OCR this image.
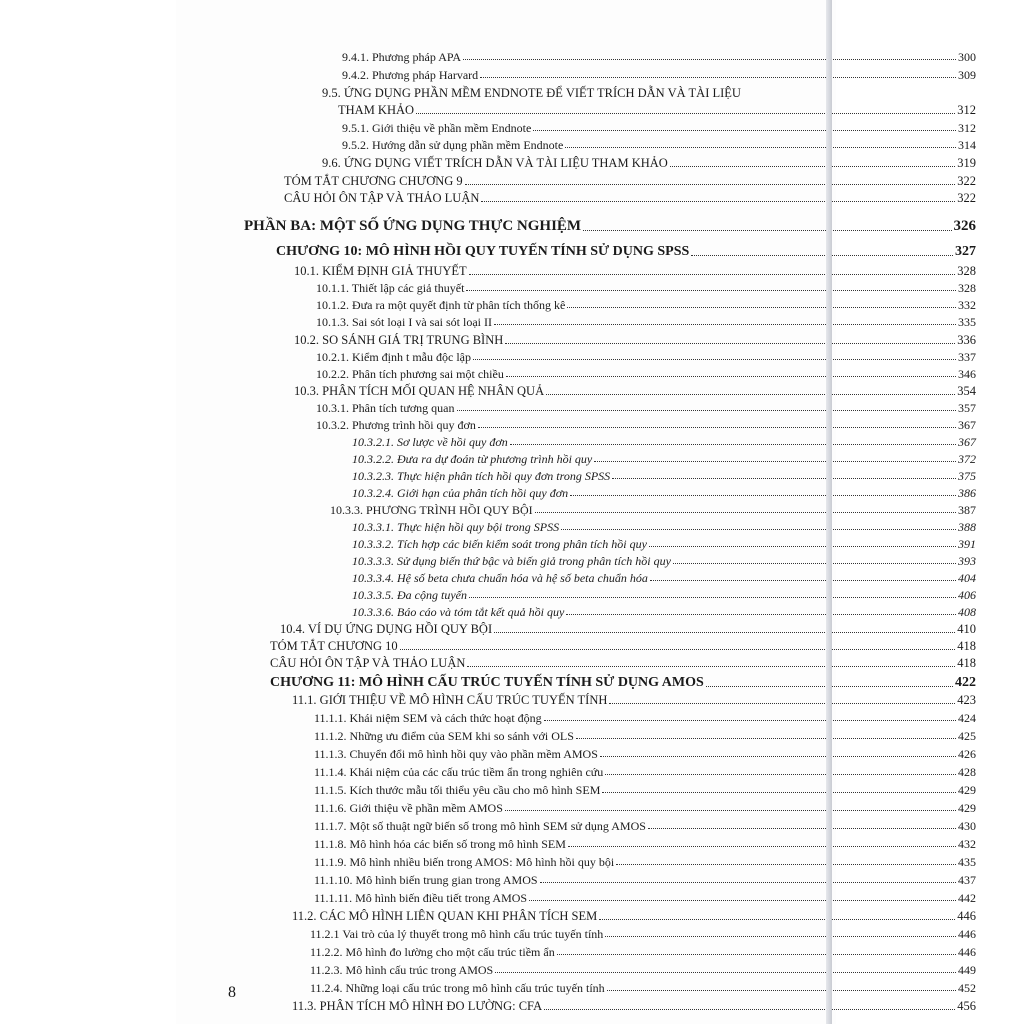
9.4.1. Phương pháp APA	300
9.4.2. Phương pháp Harvard	309
9.5. ỨNG DỤNG PHẦN MỀM ENDNOTE ĐỂ VIẾT TRÍCH DẪN VÀ TÀI LIỆU
THAM KHẢO	312
9.5.1. Giới thiệu về phần mềm Endnote	312
9.5.2. Hướng dẫn sử dụng phần mềm Endnote	314
9.6. ỨNG DỤNG VIẾT TRÍCH DẪN VÀ TÀI LIỆU THAM KHẢO	319
TÓM TẮT CHƯƠNG CHƯƠNG 9	322
CÂU HỎI ÔN TẬP VÀ THẢO LUẬN	322
PHẦN BA: MỘT SỐ ỨNG DỤNG THỰC NGHIỆM	326
CHƯƠNG 10: MÔ HÌNH HỒI QUY TUYẾN TÍNH SỬ DỤNG SPSS	327
10.1. KIỂM ĐỊNH GIẢ THUYẾT	328
10.1.1. Thiết lập các giả thuyết	328
10.1.2. Đưa ra một quyết định từ phân tích thống kê	332
10.1.3. Sai sót loại I và sai sót loại II	335
10.2. SO SÁNH GIÁ TRỊ TRUNG BÌNH	336
10.2.1. Kiểm định t mẫu độc lập	337
10.2.2. Phân tích phương sai một chiều	346
10.3. PHÂN TÍCH MỐI QUAN HỆ NHÂN QUẢ	354
10.3.1. Phân tích tương quan	357
10.3.2. Phương trình hồi quy đơn	367
10.3.2.1. Sơ lược về hồi quy đơn	367
10.3.2.2. Đưa ra dự đoán từ phương trình hồi quy	372
10.3.2.3. Thực hiện phân tích hồi quy đơn trong SPSS	375
10.3.2.4. Giới hạn của phân tích hồi quy đơn	386
10.3.3. PHƯƠNG TRÌNH HỒI QUY BỘI	387
10.3.3.1. Thực hiện hồi quy bội trong SPSS	388
10.3.3.2. Tích hợp các biến kiểm soát trong phân tích hồi quy	391
10.3.3.3. Sử dụng biến thứ bậc và biến giả trong phân tích hồi quy	393
10.3.3.4. Hệ số beta chưa chuẩn hóa và hệ số beta chuẩn hóa	404
10.3.3.5. Đa cộng tuyến	406
10.3.3.6. Báo cáo và tóm tắt kết quả hồi quy	408
10.4. VÍ DỤ ỨNG DỤNG HỒI QUY BỘI	410
TÓM TẮT CHƯƠNG 10	418
CÂU HỎI ÔN TẬP VÀ THẢO LUẬN	418
CHƯƠNG 11: MÔ HÌNH CẤU TRÚC TUYẾN TÍNH SỬ DỤNG AMOS	422
11.1. GIỚI THIỆU VỀ MÔ HÌNH CẤU TRÚC TUYẾN TÍNH	423
11.1.1. Khái niệm SEM và cách thức hoạt động	424
11.1.2. Những ưu điểm của SEM khi so sánh với OLS	425
11.1.3. Chuyển đổi mô hình hồi quy vào phần mềm AMOS	426
11.1.4. Khái niệm của các cấu trúc tiềm ẩn trong nghiên cứu	428
11.1.5. Kích thước mẫu tối thiểu yêu cầu cho mô hình SEM	429
11.1.6. Giới thiệu về phần mềm AMOS	429
11.1.7. Một số thuật ngữ biến số trong mô hình SEM sử dụng AMOS	430
11.1.8. Mô hình hóa các biến số trong mô hình SEM	432
11.1.9. Mô hình nhiều biến trong AMOS: Mô hình hồi quy bội	435
11.1.10. Mô hình biến trung gian trong AMOS	437
11.1.11. Mô hình biến điều tiết trong AMOS	442
11.2. CÁC MÔ HÌNH LIÊN QUAN KHI PHÂN TÍCH SEM	446
11.2.1 Vai trò của lý thuyết trong mô hình cấu trúc tuyến tính	446
11.2.2. Mô hình đo lường cho một cấu trúc tiềm ẩn	446
11.2.3. Mô hình cấu trúc trong AMOS	449
11.2.4. Những loại cấu trúc trong mô hình cấu trúc tuyến tính	452
11.3. PHÂN TÍCH MÔ HÌNH ĐO LƯỜNG: CFA	456
8
